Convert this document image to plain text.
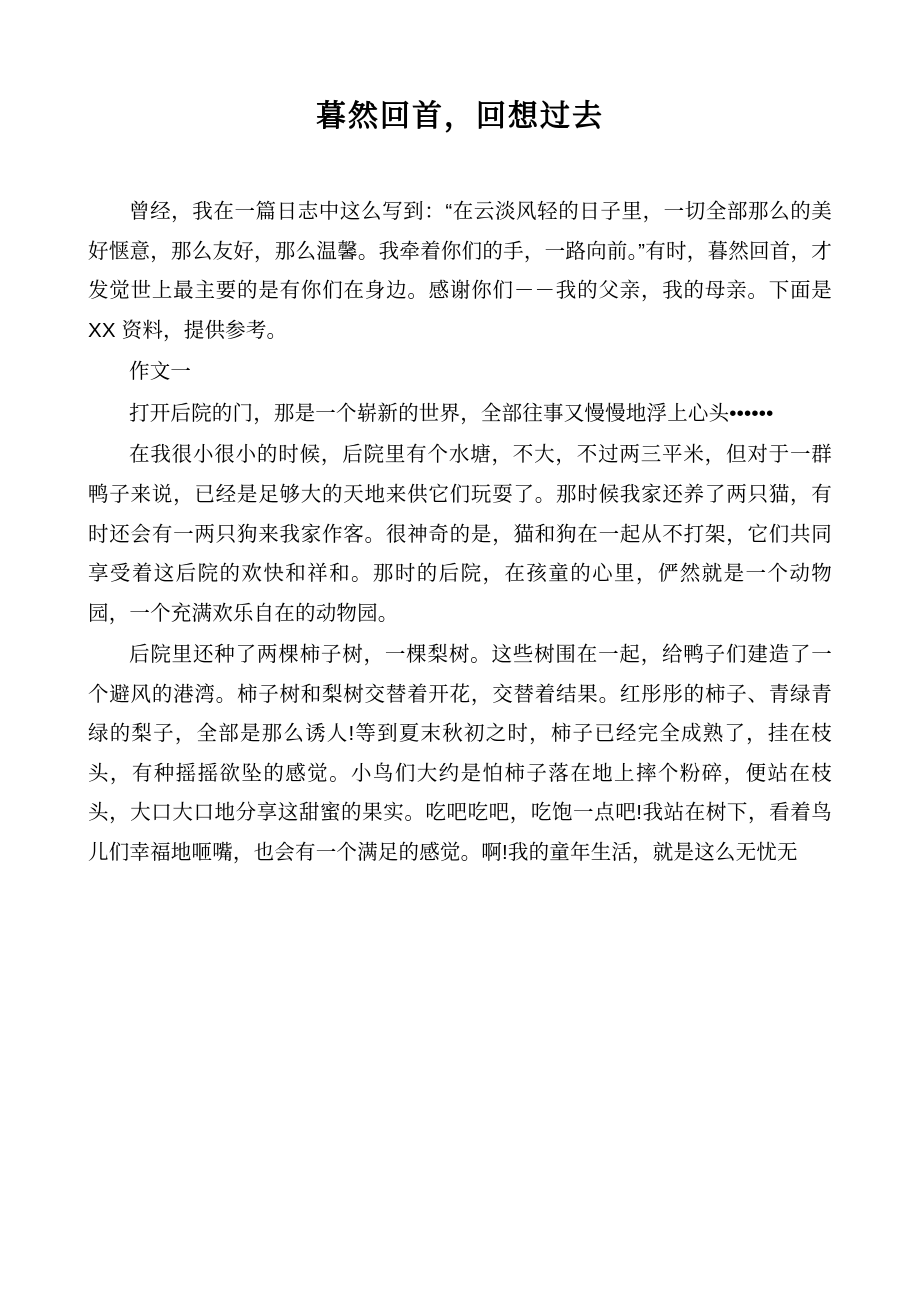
暮然回首，回想过去

曾经，我在一篇日志中这么写到：“在云淡风轻的日子里，一切全部那么的美好惬意，那么友好，那么温馨。我牵着你们的手，一路向前。”有时，暮然回首，才发觉世上最主要的是有你们在身边。感谢你们－－我的父亲，我的母亲。下面是 XX 资料，提供参考。

作文一

打开后院的门，那是一个崭新的世界，全部往事又慢慢地浮上心头••••••

在我很小很小的时候，后院里有个水塘，不大，不过两三平米，但对于一群鸭子来说，已经是足够大的天地来供它们玩耍了。那时候我家还养了两只猫，有时还会有一两只狗来我家作客。很神奇的是，猫和狗在一起从不打架，它们共同享受着这后院的欢快和祥和。那时的后院，在孩童的心里，俨然就是一个动物园，一个充满欢乐自在的动物园。

后院里还种了两棵柿子树，一棵梨树。这些树围在一起，给鸭子们建造了一个避风的港湾。柿子树和梨树交替着开花，交替着结果。红彤彤的柿子、青绿青绿的梨子，全部是那么诱人!等到夏末秋初之时，柿子已经完全成熟了，挂在枝头，有种摇摇欲坠的感觉。小鸟们大约是怕柿子落在地上摔个粉碎，便站在枝头，大口大口地分享这甜蜜的果实。吃吧吃吧，吃饱一点吧!我站在树下，看着鸟儿们幸福地咂嘴，也会有一个满足的感觉。啊!我的童年生活，就是这么无忧无
